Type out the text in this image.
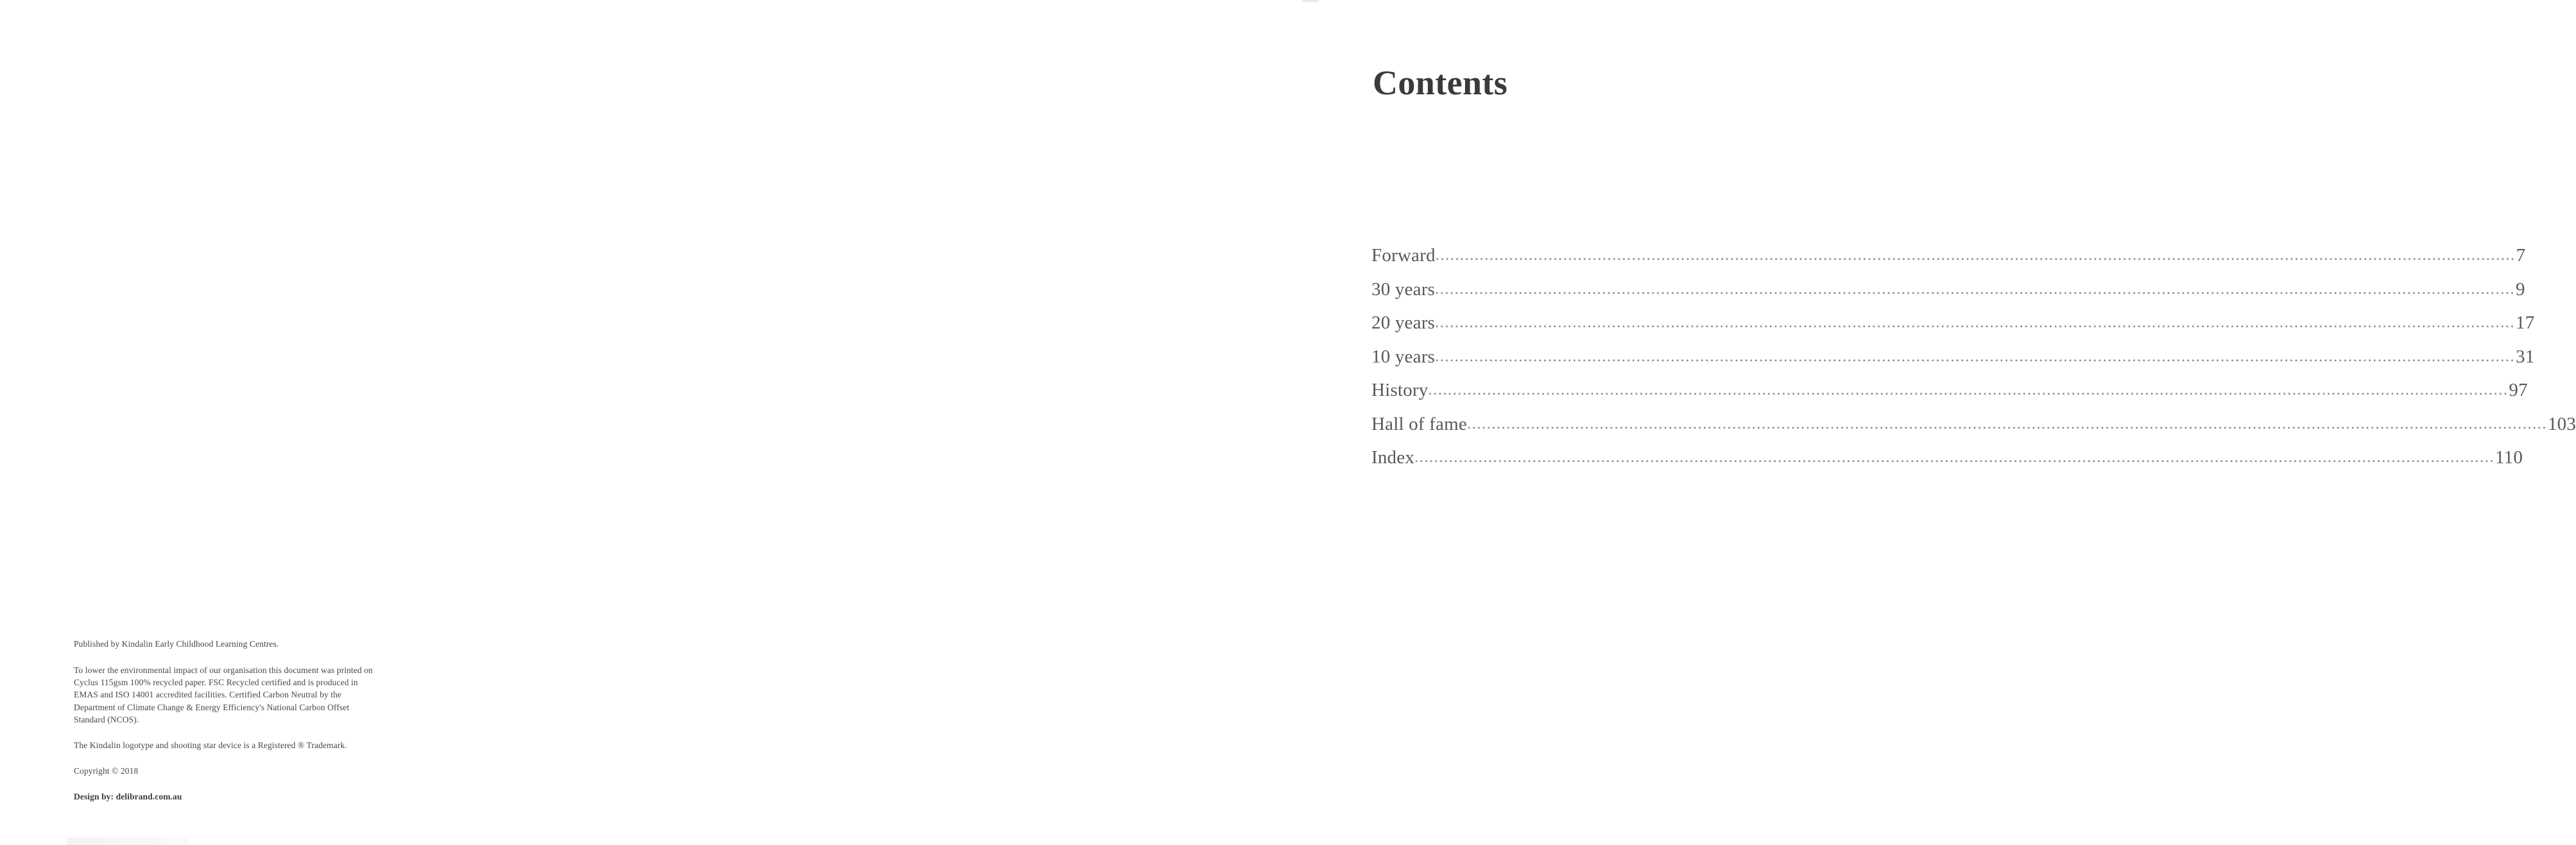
Published by Kindalin Early Childhood Learning Centres.

To lower the environmental impact of our organisation this document was printed on Cyclus 115gsm 100% recycled paper. FSC Recycled certified and is produced in EMAS and ISO 14001 accredited facilities. Certified Carbon Neutral by the Department of Climate Change & Energy Efficiency's National Carbon Offset Standard (NCOS).

The Kindalin logotype and shooting star device is a Registered ® Trademark.

Copyright © 2018

Design by: delibrand.com.au

Contents
Forward ............................................................................................................................................................................................................................ 7
30 years ............................................................................................................................................................................................................................ 9
20 years ............................................................................................................................................................................................................................ 17
10 years ............................................................................................................................................................................................................................ 31
History ............................................................................................................................................................................................................................ 97
Hall of fame ............................................................................................................................................................................................................................ 103
Index ............................................................................................................................................................................................................................ 110
